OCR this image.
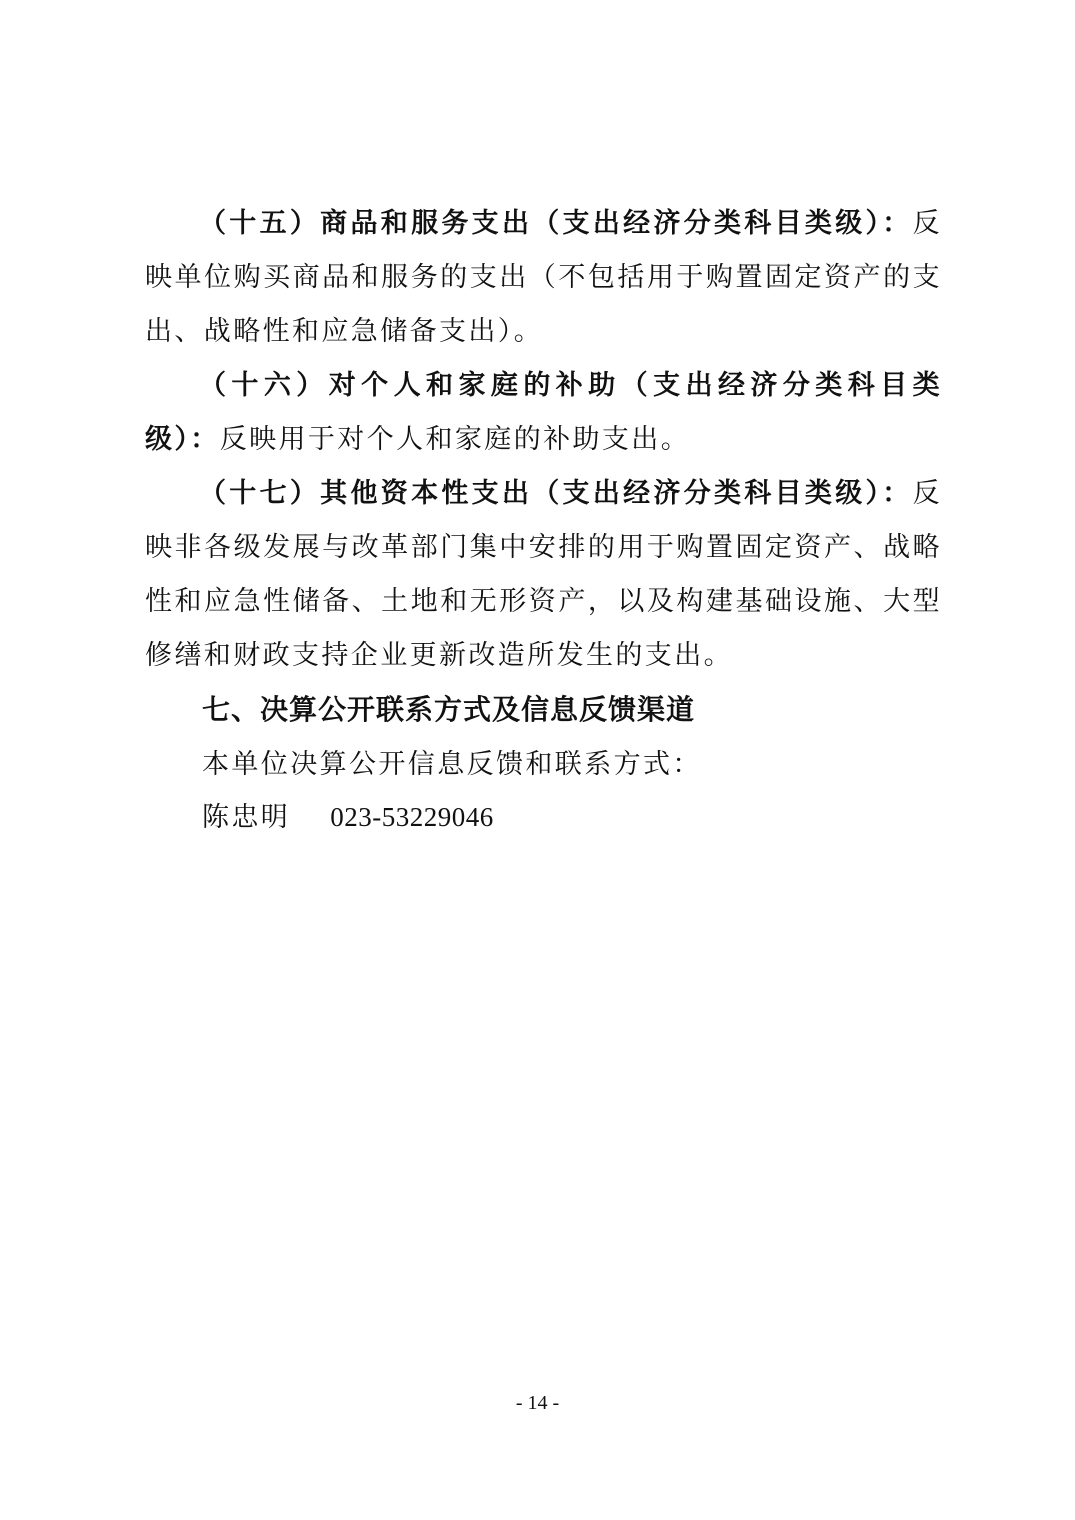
（十五）商品和服务支出（支出经济分类科目类级）：反映单位购买商品和服务的支出（不包括用于购置固定资产的支出、战略性和应急储备支出）。

（十六）对个人和家庭的补助（支出经济分类科目类级）：反映用于对个人和家庭的补助支出。

（十七）其他资本性支出（支出经济分类科目类级）：反映非各级发展与改革部门集中安排的用于购置固定资产、战略性和应急性储备、土地和无形资产，以及构建基础设施、大型修缮和财政支持企业更新改造所发生的支出。

七、决算公开联系方式及信息反馈渠道

本单位决算公开信息反馈和联系方式：

陈忠明 023-53229046

- 14 -
